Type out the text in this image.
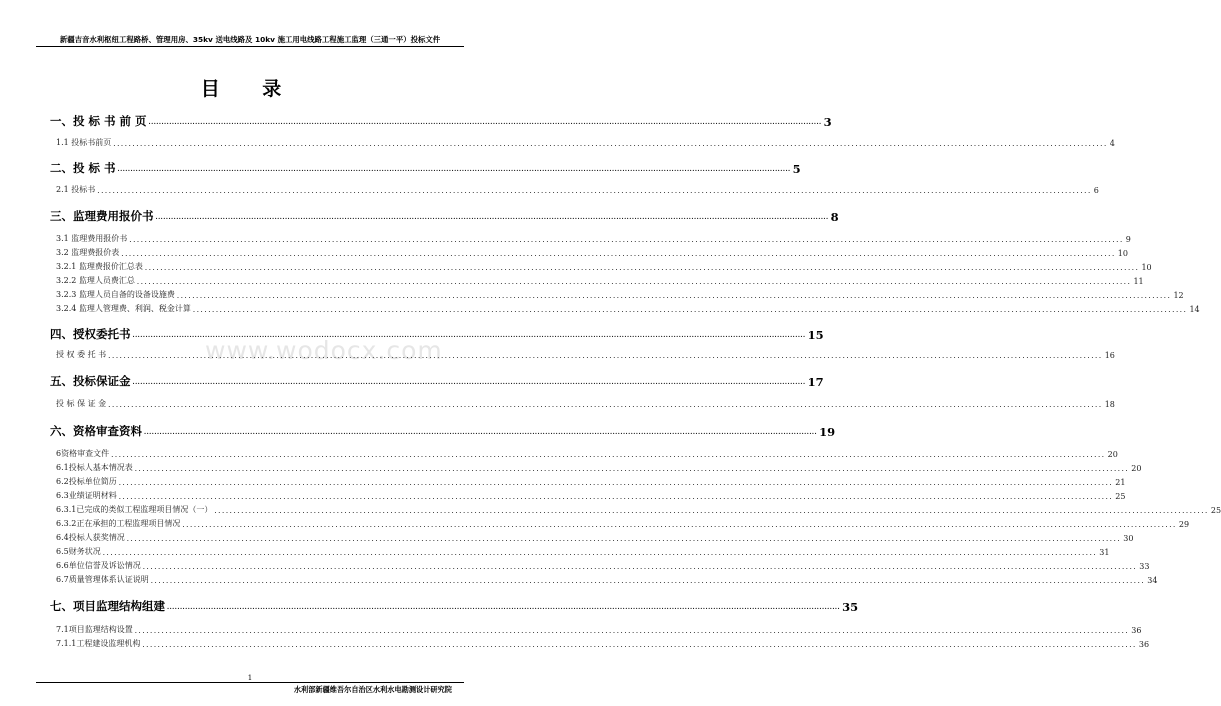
新疆吉音水利枢纽工程路桥、管理用房、35kv 送电线路及 10kv 施工用电线路工程施工监理（三通一平）投标文件
目 录
www.wodocx.com
一、投 标 书 前 页 .................................................................................................................................................................................................................................................................... 3
1.1 投标书前页 .................................................................................................................................................................................................................................................................... 4
二、投 标 书 .................................................................................................................................................................................................................................................................... 5
2.1 投标书 .................................................................................................................................................................................................................................................................... 6
三、监理费用报价书 .................................................................................................................................................................................................................................................................... 8
3.1 监理费用报价书 .................................................................................................................................................................................................................................................................... 9
3.2 监理费报价表 .................................................................................................................................................................................................................................................................... 10
3.2.1 监理费报价汇总表 .................................................................................................................................................................................................................................................................... 10
3.2.2 监理人员费汇总 .................................................................................................................................................................................................................................................................... 11
3.2.3 监理人员自备的设备设施费 .................................................................................................................................................................................................................................................................... 12
3.2.4 监理人管理费、利润、税金计算 .................................................................................................................................................................................................................................................................... 14
四、授权委托书 .................................................................................................................................................................................................................................................................... 15
授 权 委 托 书 .................................................................................................................................................................................................................................................................... 16
五、投标保证金 .................................................................................................................................................................................................................................................................... 17
投 标 保 证 金 .................................................................................................................................................................................................................................................................... 18
六、资格审查资料 .................................................................................................................................................................................................................................................................... 19
6资格审查文件 .................................................................................................................................................................................................................................................................... 20
6.1投标人基本情况表 .................................................................................................................................................................................................................................................................... 20
6.2投标单位简历 .................................................................................................................................................................................................................................................................... 21
6.3业绩证明材料 .................................................................................................................................................................................................................................................................... 25
6.3.1已完成的类似工程监理项目情况（一） .................................................................................................................................................................................................................................................................... 25
6.3.2正在承担的工程监理项目情况 .................................................................................................................................................................................................................................................................... 29
6.4投标人获奖情况 .................................................................................................................................................................................................................................................................... 30
6.5财务状况 .................................................................................................................................................................................................................................................................... 31
6.6单位信誉及诉讼情况 .................................................................................................................................................................................................................................................................... 33
6.7质量管理体系认证说明 .................................................................................................................................................................................................................................................................... 34
七、项目监理结构组建 .................................................................................................................................................................................................................................................................... 35
7.1项目监理结构设置 .................................................................................................................................................................................................................................................................... 36
7.1.1工程建设监理机构 .................................................................................................................................................................................................................................................................... 36
1
水利部新疆维吾尔自治区水利水电勘测设计研究院
